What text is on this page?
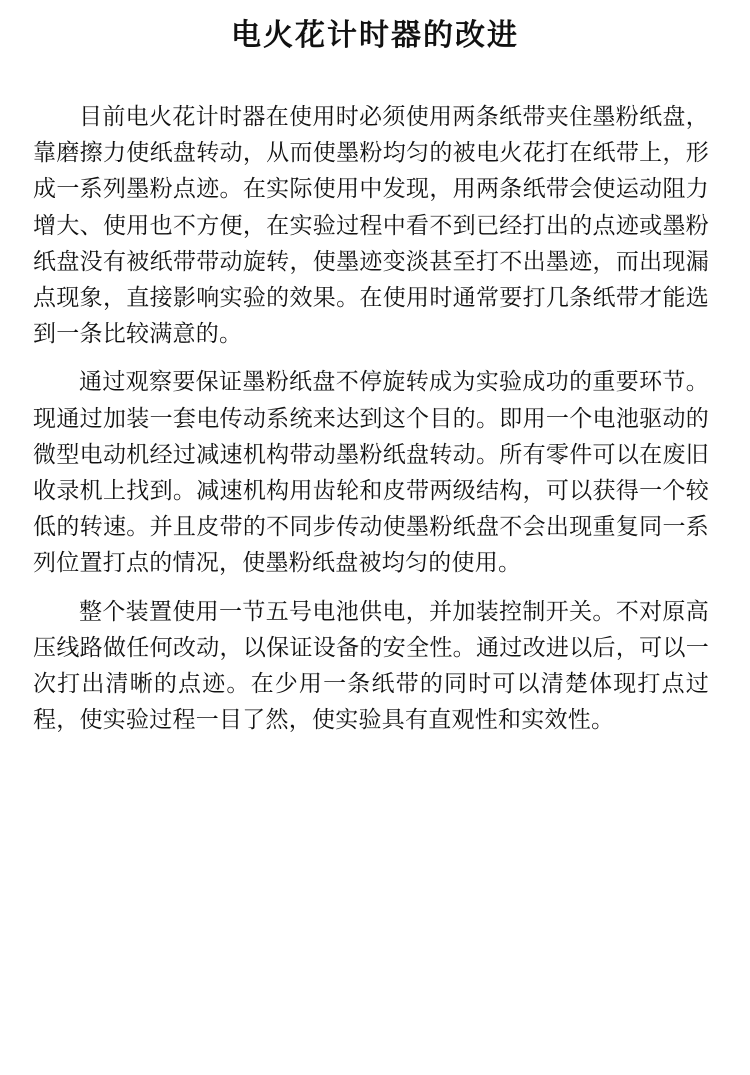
电火花计时器的改进

目前电火花计时器在使用时必须使用两条纸带夹住墨粉纸盘，靠磨擦力使纸盘转动，从而使墨粉均匀的被电火花打在纸带上，形成一系列墨粉点迹。在实际使用中发现，用两条纸带会使运动阻力增大、使用也不方便，在实验过程中看不到已经打出的点迹或墨粉纸盘没有被纸带带动旋转，使墨迹变淡甚至打不出墨迹，而出现漏点现象，直接影响实验的效果。在使用时通常要打几条纸带才能选到一条比较满意的。

通过观察要保证墨粉纸盘不停旋转成为实验成功的重要环节。现通过加装一套电传动系统来达到这个目的。即用一个电池驱动的微型电动机经过减速机构带动墨粉纸盘转动。所有零件可以在废旧收录机上找到。减速机构用齿轮和皮带两级结构，可以获得一个较低的转速。并且皮带的不同步传动使墨粉纸盘不会出现重复同一系列位置打点的情况，使墨粉纸盘被均匀的使用。

整个装置使用一节五号电池供电，并加装控制开关。不对原高压线路做任何改动，以保证设备的安全性。通过改进以后，可以一次打出清晰的点迹。在少用一条纸带的同时可以清楚体现打点过程，使实验过程一目了然，使实验具有直观性和实效性。
